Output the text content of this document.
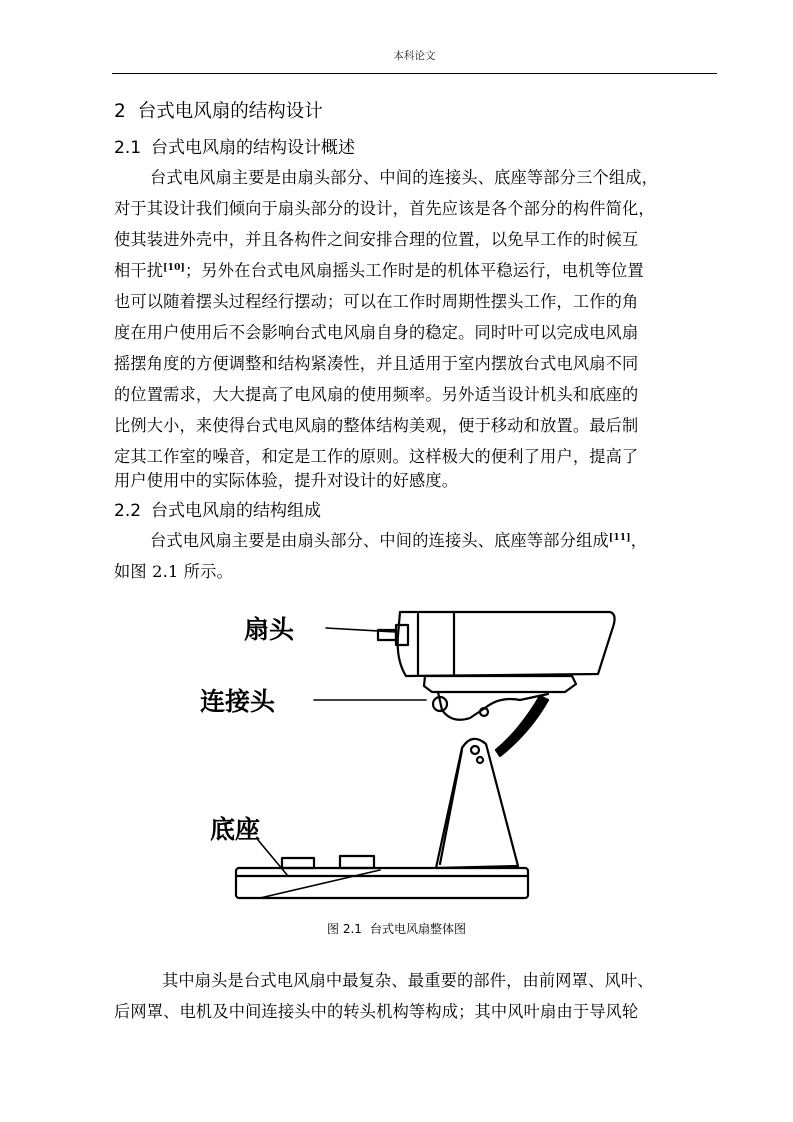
本科论文
2 台式电风扇的结构设计
2.1 台式电风扇的结构设计概述
台式电风扇主要是由扇头部分、中间的连接头、底座等部分三个组成，
对于其设计我们倾向于扇头部分的设计，首先应该是各个部分的构件简化，
使其装进外壳中，并且各构件之间安排合理的位置，以免早工作的时候互
相干扰[10]；另外在台式电风扇摇头工作时是的机体平稳运行，电机等位置
也可以随着摆头过程经行摆动；可以在工作时周期性摆头工作，工作的角
度在用户使用后不会影响台式电风扇自身的稳定。同时叶可以完成电风扇
摇摆角度的方便调整和结构紧凑性，并且适用于室内摆放台式电风扇不同
的位置需求，大大提高了电风扇的使用频率。另外适当设计机头和底座的
比例大小，来使得台式电风扇的整体结构美观，便于移动和放置。最后制
定其工作室的噪音，和定是工作的原则。这样极大的便利了用户，提高了
用户使用中的实际体验，提升对设计的好感度。
2.2 台式电风扇的结构组成
台式电风扇主要是由扇头部分、中间的连接头、底座等部分组成[11]，
如图 2.1 所示。
扇头
连接头
底座
图 2.1 台式电风扇整体图
其中扇头是台式电风扇中最复杂、最重要的部件，由前网罩、风叶、
后网罩、电机及中间连接头中的转头机构等构成；其中风叶扇由于导风轮
